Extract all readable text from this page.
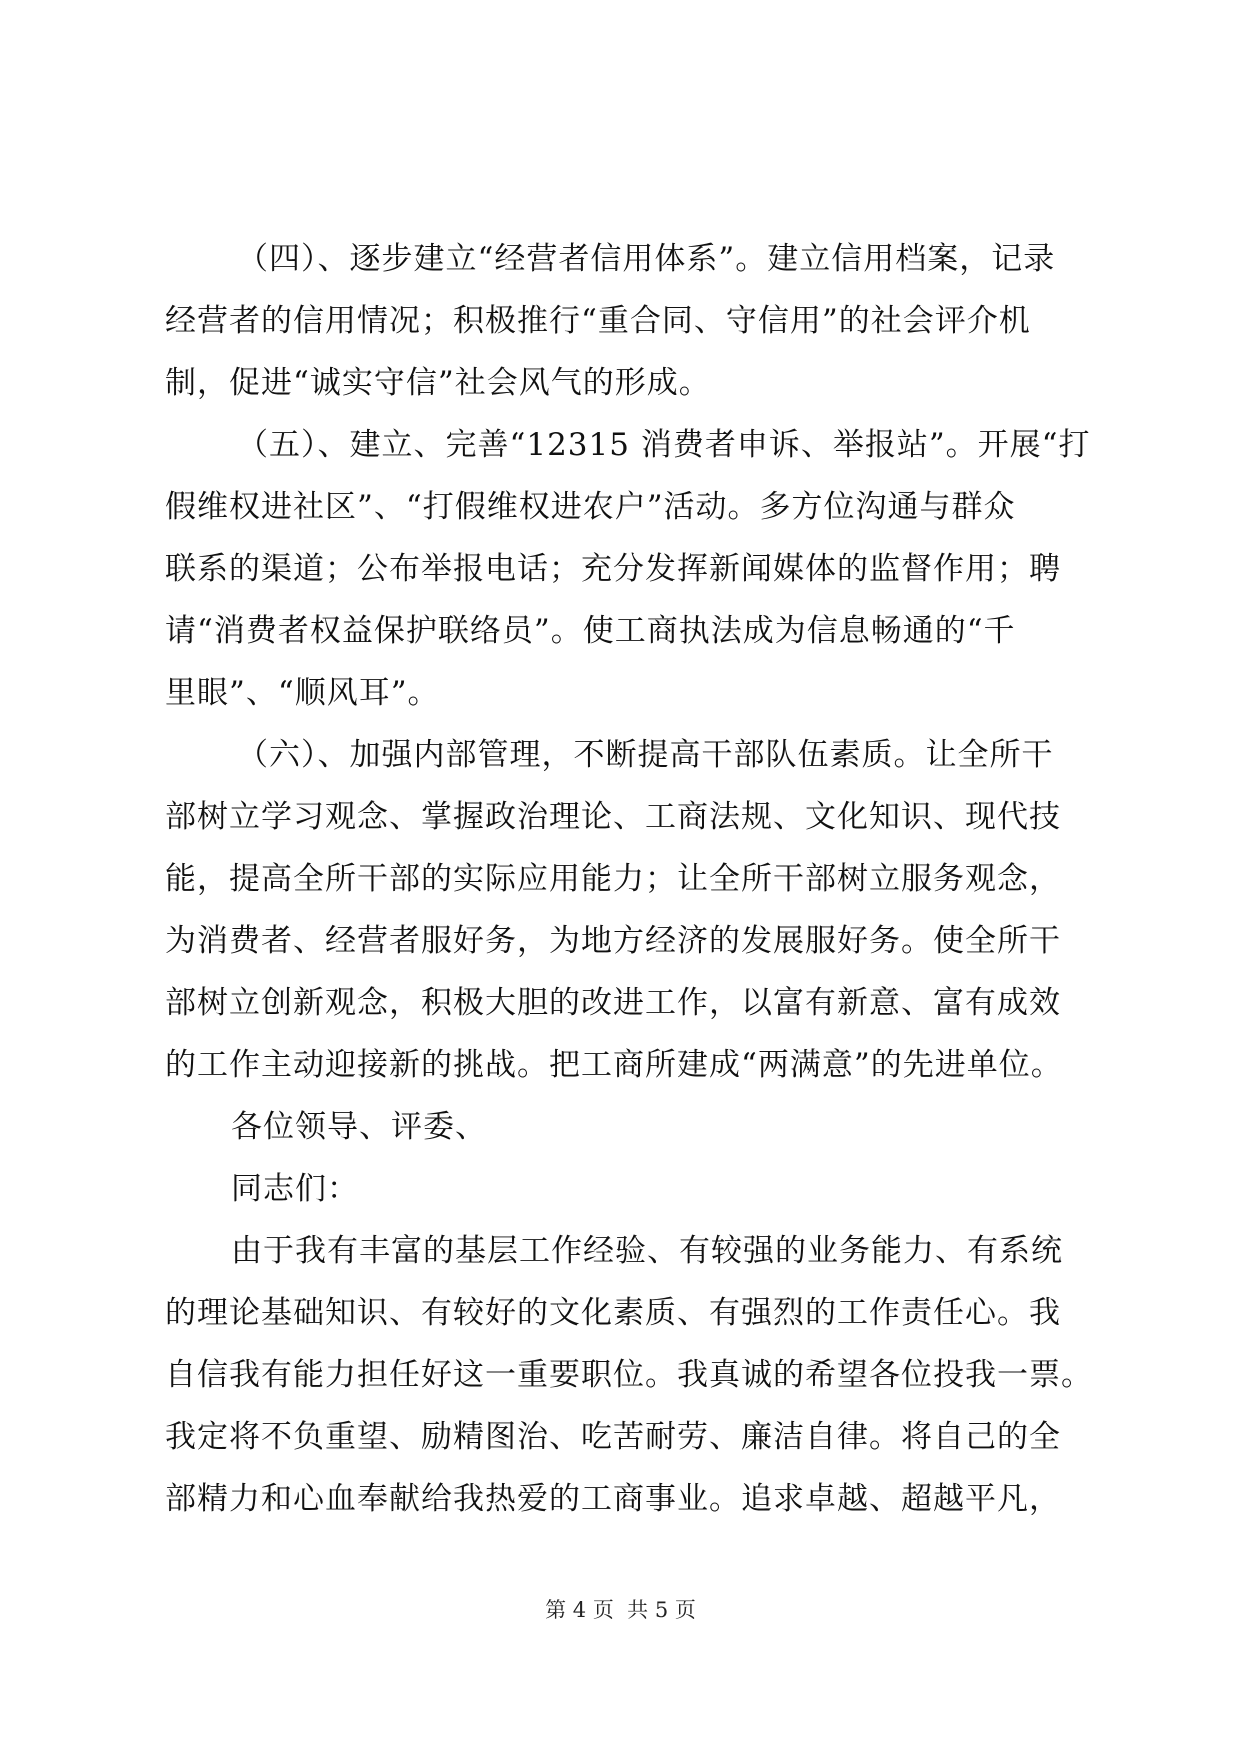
（四）、逐步建立“经营者信用体系”。建立信用档案，记录
经营者的信用情况；积极推行“重合同、守信用”的社会评介机
制，促进“诚实守信”社会风气的形成。
（五）、建立、完善“12315 消费者申诉、举报站”。开展“打
假维权进社区”、“打假维权进农户”活动。多方位沟通与群众
联系的渠道；公布举报电话；充分发挥新闻媒体的监督作用；聘
请“消费者权益保护联络员”。使工商执法成为信息畅通的“千
里眼”、“顺风耳”。
（六）、加强内部管理，不断提高干部队伍素质。让全所干
部树立学习观念、掌握政治理论、工商法规、文化知识、现代技
能，提高全所干部的实际应用能力；让全所干部树立服务观念，
为消费者、经营者服好务，为地方经济的发展服好务。使全所干
部树立创新观念，积极大胆的改进工作，以富有新意、富有成效
的工作主动迎接新的挑战。把工商所建成“两满意”的先进单位。
各位领导、评委、
同志们：
由于我有丰富的基层工作经验、有较强的业务能力、有系统
的理论基础知识、有较好的文化素质、有强烈的工作责任心。我
自信我有能力担任好这一重要职位。我真诚的希望各位投我一票。
我定将不负重望、励精图治、吃苦耐劳、廉洁自律。将自己的全
部精力和心血奉献给我热爱的工商事业。追求卓越、超越平凡，
第 4 页  共 5 页
